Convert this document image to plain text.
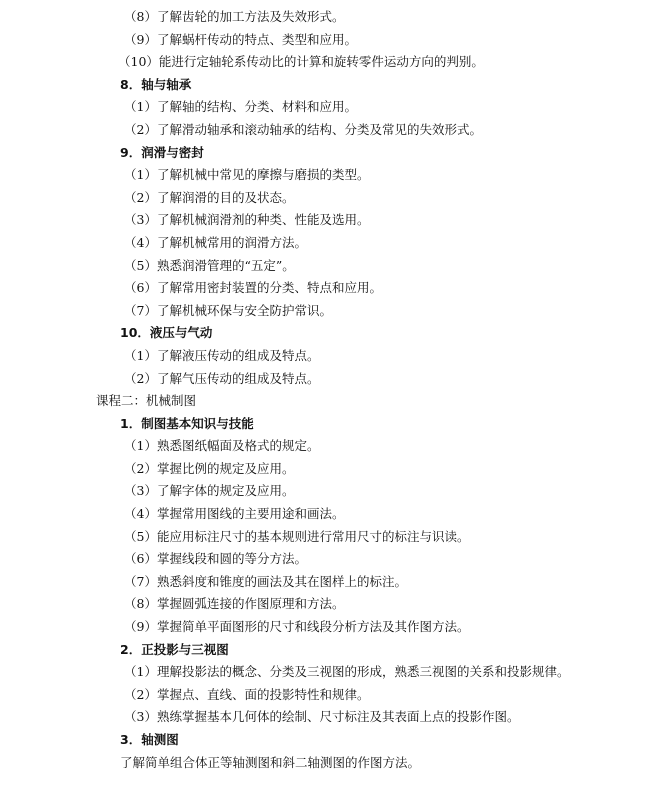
（8）了解齿轮的加工方法及失效形式。
（9）了解蜗杆传动的特点、类型和应用。
（10）能进行定轴轮系传动比的计算和旋转零件运动方向的判别。
8．轴与轴承
（1）了解轴的结构、分类、材料和应用。
（2）了解滑动轴承和滚动轴承的结构、分类及常见的失效形式。
9．润滑与密封
（1）了解机械中常见的摩擦与磨损的类型。
（2）了解润滑的目的及状态。
（3）了解机械润滑剂的种类、性能及选用。
（4）了解机械常用的润滑方法。
（5）熟悉润滑管理的“五定”。
（6）了解常用密封装置的分类、特点和应用。
（7）了解机械环保与安全防护常识。
10．液压与气动
（1）了解液压传动的组成及特点。
（2）了解气压传动的组成及特点。
课程二：机械制图
1．制图基本知识与技能
（1）熟悉图纸幅面及格式的规定。
（2）掌握比例的规定及应用。
（3）了解字体的规定及应用。
（4）掌握常用图线的主要用途和画法。
（5）能应用标注尺寸的基本规则进行常用尺寸的标注与识读。
（6）掌握线段和圆的等分方法。
（7）熟悉斜度和锥度的画法及其在图样上的标注。
（8）掌握圆弧连接的作图原理和方法。
（9）掌握简单平面图形的尺寸和线段分析方法及其作图方法。
2．正投影与三视图
（1）理解投影法的概念、分类及三视图的形成，熟悉三视图的关系和投影规律。
（2）掌握点、直线、面的投影特性和规律。
（3）熟练掌握基本几何体的绘制、尺寸标注及其表面上点的投影作图。
3．轴测图
了解简单组合体正等轴测图和斜二轴测图的作图方法。
